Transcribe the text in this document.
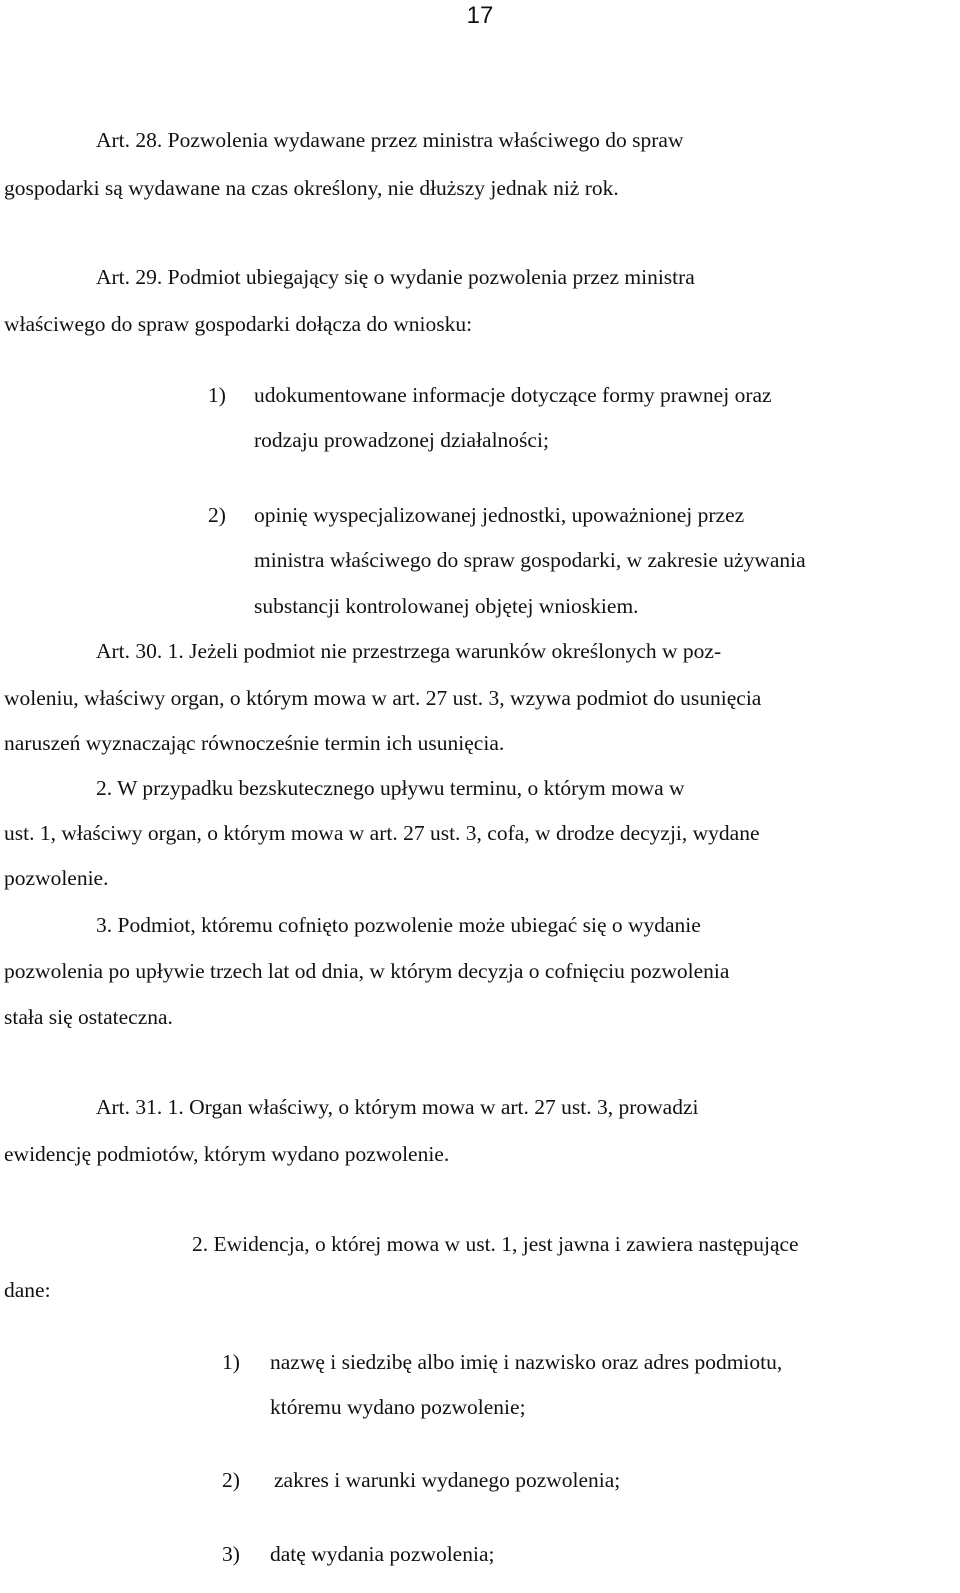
17
Art. 28. Pozwolenia wydawane przez ministra właściwego do spraw
gospodarki są wydawane na czas określony, nie dłuższy jednak niż rok.
Art. 29. Podmiot ubiegający się o wydanie pozwolenia przez ministra
właściwego do spraw gospodarki dołącza do wniosku:
1) udokumentowane informacje dotyczące formy prawnej oraz
rodzaju prowadzonej działalności;
2) opinię wyspecjalizowanej jednostki, upoważnionej przez
ministra właściwego do spraw gospodarki, w zakresie używania
substancji kontrolowanej objętej wnioskiem.
Art. 30. 1. Jeżeli podmiot nie przestrzega warunków określonych w poz-
woleniu, właściwy organ, o którym mowa w art. 27 ust. 3, wzywa podmiot do usunięcia
naruszeń wyznaczając równocześnie termin ich usunięcia.
2. W przypadku bezskutecznego upływu terminu, o którym mowa w
ust. 1, właściwy organ, o którym mowa w art. 27 ust. 3, cofa, w drodze decyzji, wydane
pozwolenie.
3. Podmiot, któremu cofnięto pozwolenie może ubiegać się o wydanie
pozwolenia po upływie trzech lat od dnia, w którym decyzja o cofnięciu pozwolenia
stała się ostateczna.
Art. 31. 1. Organ właściwy, o którym mowa w art. 27 ust. 3, prowadzi
ewidencję podmiotów, którym wydano pozwolenie.
2. Ewidencja, o której mowa w ust. 1, jest jawna i zawiera następujące
dane:
1) nazwę i siedzibę albo imię i nazwisko oraz adres podmiotu,
któremu wydano pozwolenie;
2) zakres i warunki wydanego pozwolenia;
3) datę wydania pozwolenia;
